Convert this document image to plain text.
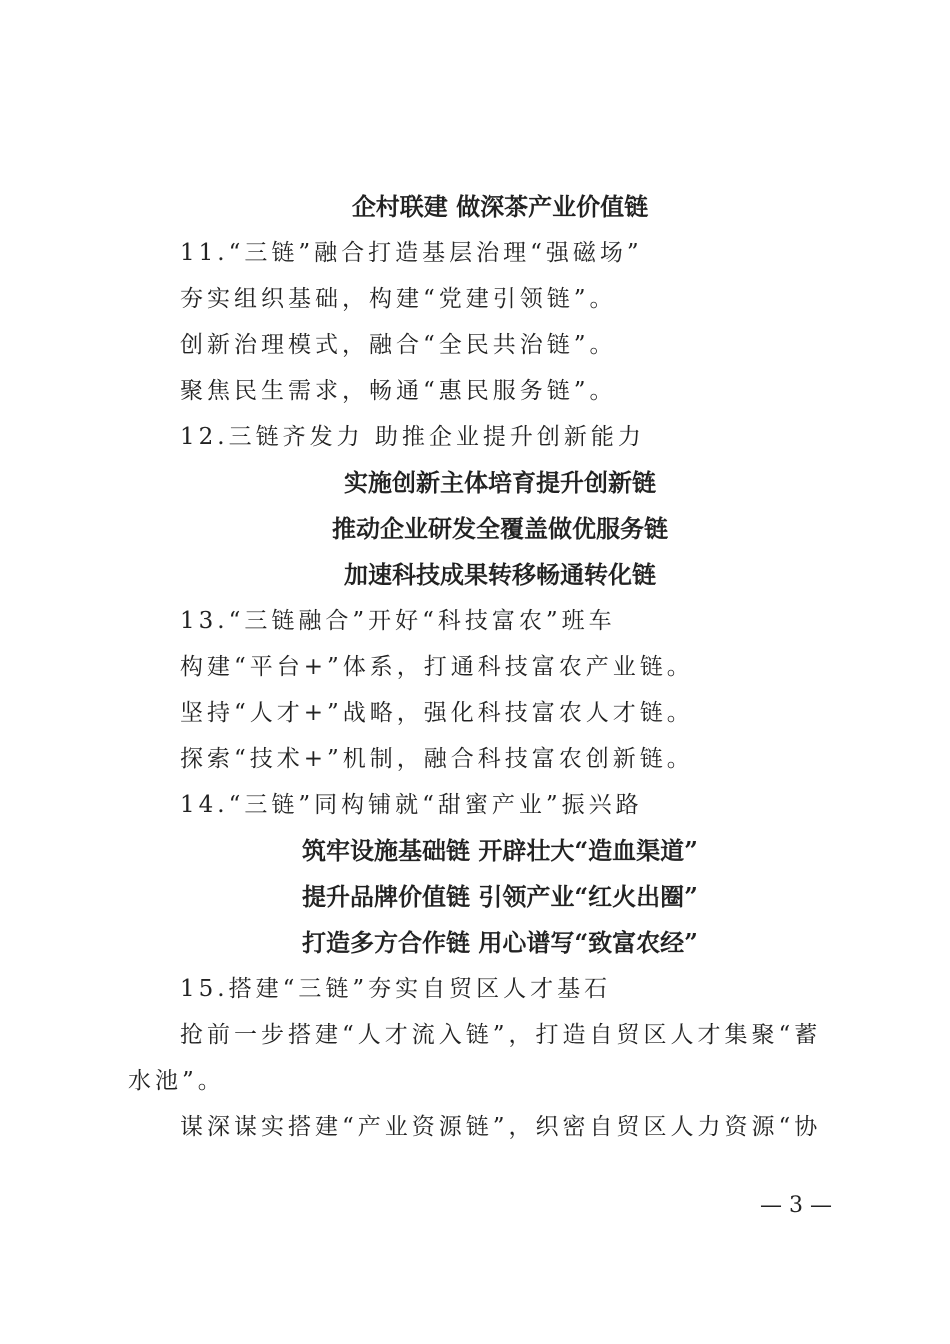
企村联建 做深茶产业价值链
11.“三链”融合打造基层治理“强磁场”
夯实组织基础，构建“党建引领链”。
创新治理模式，融合“全民共治链”。
聚焦民生需求，畅通“惠民服务链”。
12.三链齐发力 助推企业提升创新能力
实施创新主体培育提升创新链
推动企业研发全覆盖做优服务链
加速科技成果转移畅通转化链
13.“三链融合”开好“科技富农”班车
构建“平台+”体系，打通科技富农产业链。
坚持“人才+”战略，强化科技富农人才链。
探索“技术+”机制，融合科技富农创新链。
14.“三链”同构铺就“甜蜜产业”振兴路
筑牢设施基础链 开辟壮大“造血渠道”
提升品牌价值链 引领产业“红火出圈”
打造多方合作链 用心谱写“致富农经”
15.搭建“三链”夯实自贸区人才基石
抢前一步搭建“人才流入链”，打造自贸区人才集聚“蓄
水池”。
谋深谋实搭建“产业资源链”，织密自贸区人力资源“协
— 3 —
